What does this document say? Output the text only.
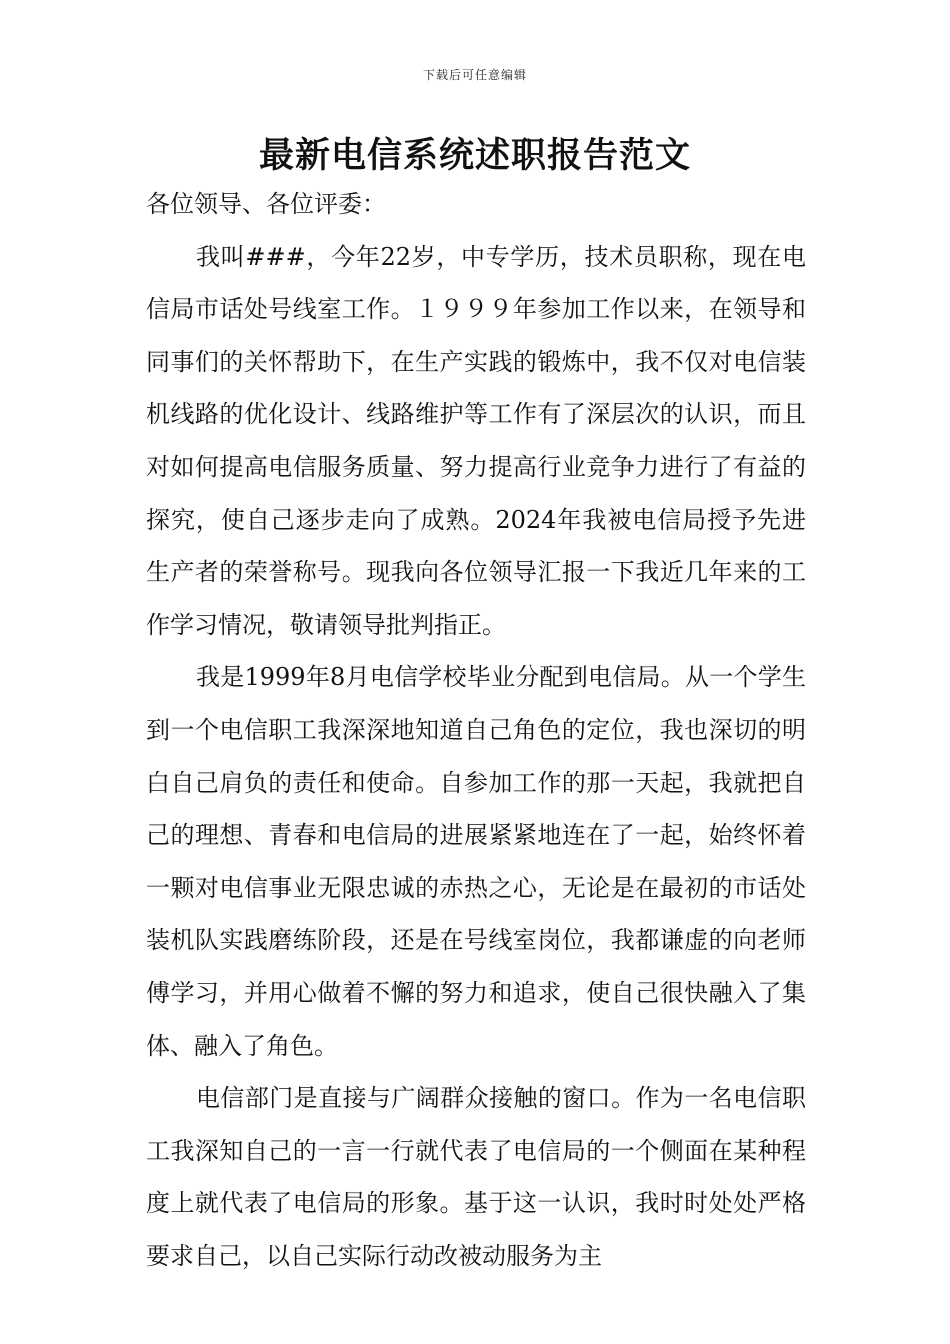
下载后可任意编辑
最新电信系统述职报告范文

各位领导、各位评委：

我叫###，今年22岁，中专学历，技术员职称，现在电信局市话处号线室工作。１９９９年参加工作以来，在领导和同事们的关怀帮助下，在生产实践的锻炼中，我不仅对电信装机线路的优化设计、线路维护等工作有了深层次的认识，而且对如何提高电信服务质量、努力提高行业竞争力进行了有益的探究，使自己逐步走向了成熟。2024年我被电信局授予先进生产者的荣誉称号。现我向各位领导汇报一下我近几年来的工作学习情况，敬请领导批判指正。

我是1999年8月电信学校毕业分配到电信局。从一个学生到一个电信职工我深深地知道自己角色的定位，我也深切的明白自己肩负的责任和使命。自参加工作的那一天起，我就把自己的理想、青春和电信局的进展紧紧地连在了一起，始终怀着一颗对电信事业无限忠诚的赤热之心，无论是在最初的市话处装机队实践磨练阶段，还是在号线室岗位，我都谦虚的向老师傅学习，并用心做着不懈的努力和追求，使自己很快融入了集体、融入了角色。

电信部门是直接与广阔群众接触的窗口。作为一名电信职工我深知自己的一言一行就代表了电信局的一个侧面在某种程度上就代表了电信局的形象。基于这一认识，我时时处处严格要求自己，以自己实际行动改被动服务为主
